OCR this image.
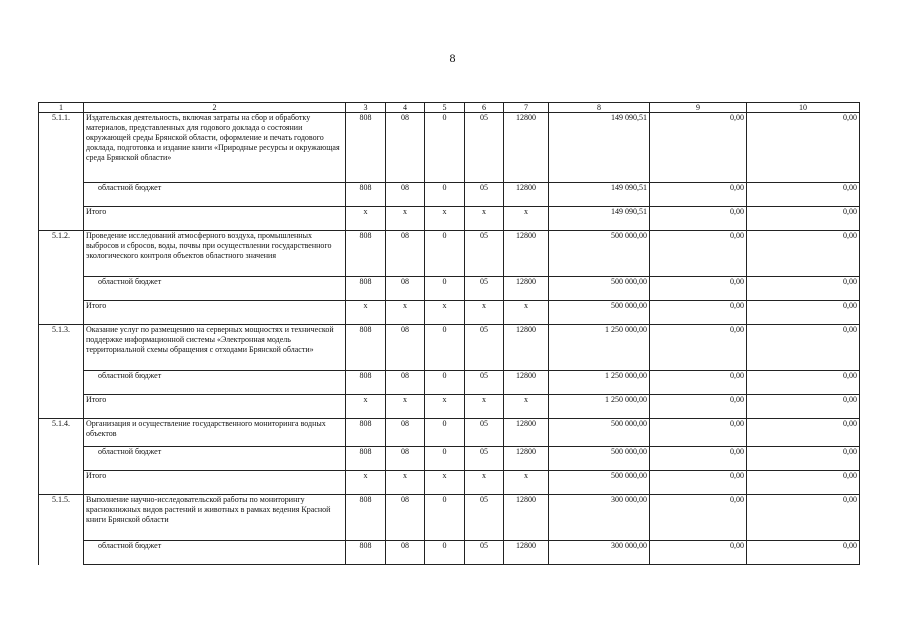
8
1	2	3	4	5	6	7	8	9	10
5.1.1.	Издательская деятельность, включая затраты на сбор и обработку материалов, представленных для годового доклада о состоянии окружающей среды Брянской области, оформление и печать годового доклада, подготовка и издание книги «Природные ресурсы и окружающая среда Брянской области»	808	08	0	05	12800	149 090,51	0,00	0,00
	областной бюджет	808	08	0	05	12800	149 090,51	0,00	0,00
	Итого	x	x	x	x	x	149 090,51	0,00	0,00
5.1.2.	Проведение исследований атмосферного воздуха, промышленных выбросов и сбросов, воды, почвы при осуществлении государственного экологического контроля объектов областного значения	808	08	0	05	12800	500 000,00	0,00	0,00
	областной бюджет	808	08	0	05	12800	500 000,00	0,00	0,00
	Итого	x	x	x	x	x	500 000,00	0,00	0,00
5.1.3.	Оказание услуг по размещению на серверных мощностях и технической поддержке информационной системы «Электронная модель территориальной схемы обращения с отходами Брянской области»	808	08	0	05	12800	1 250 000,00	0,00	0,00
	областной бюджет	808	08	0	05	12800	1 250 000,00	0,00	0,00
	Итого	x	x	x	x	x	1 250 000,00	0,00	0,00
5.1.4.	Организация и осуществление государственного мониторинга водных объектов	808	08	0	05	12800	500 000,00	0,00	0,00
	областной бюджет	808	08	0	05	12800	500 000,00	0,00	0,00
	Итого	x	x	x	x	x	500 000,00	0,00	0,00
5.1.5.	Выполнение научно-исследовательской работы по мониторингу краснокнижных видов растений и животных в рамках ведения Красной книги Брянской области	808	08	0	05	12800	300 000,00	0,00	0,00
	областной бюджет	808	08	0	05	12800	300 000,00	0,00	0,00
